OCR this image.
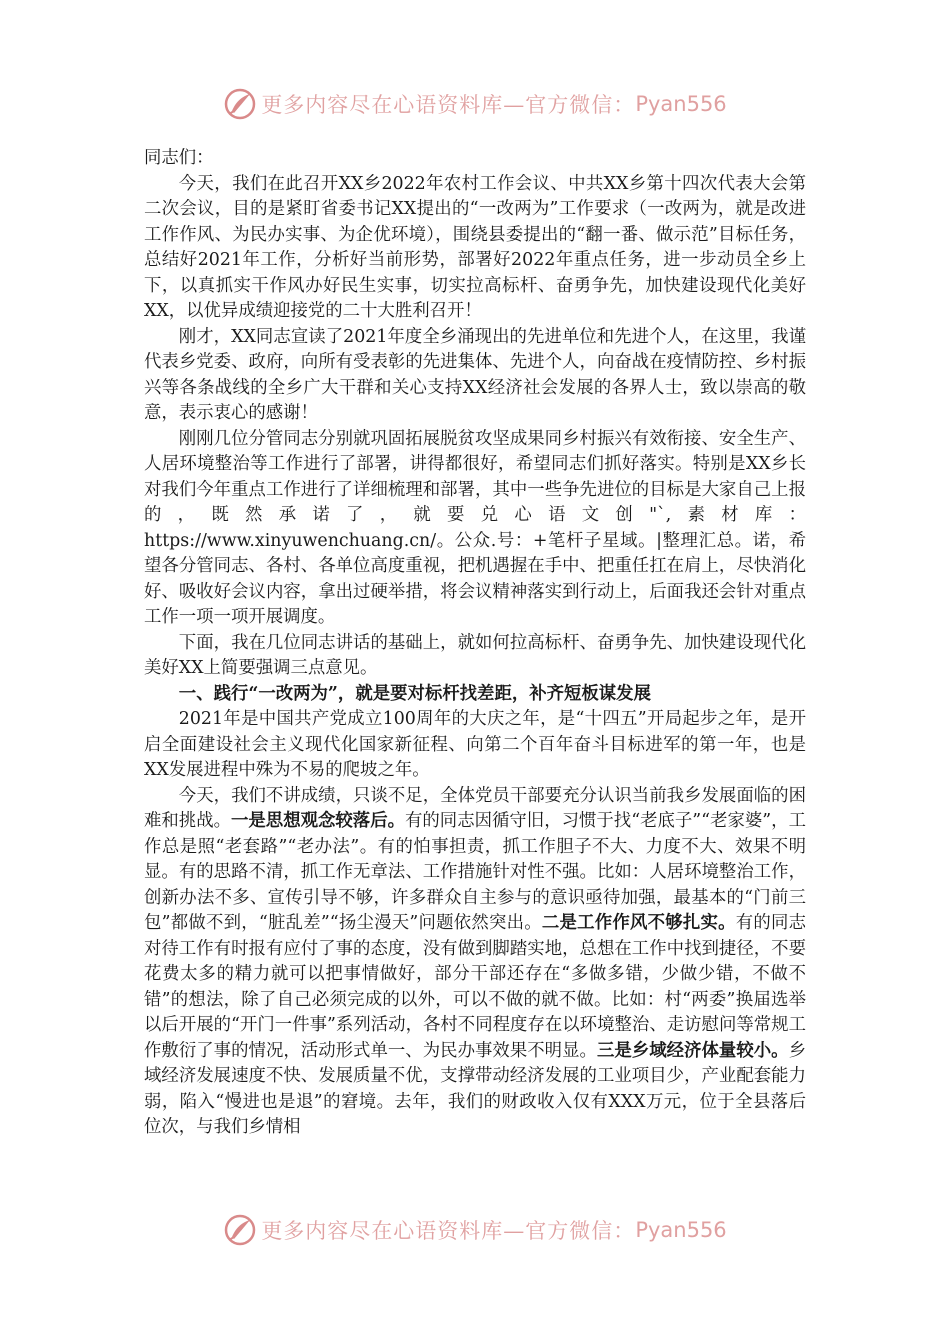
更多内容尽在心语资料库—官方微信： Pyan556

同志们：

今天，我们在此召开XX乡2022年农村工作会议、中共XX乡第十四次代表大会第二次会议，目的是紧盯省委书记XX提出的“一改两为”工作要求（一改两为，就是改进工作作风、为民办实事、为企优环境），围绕县委提出的“翻一番、做示范”目标任务，总结好2021年工作，分析好当前形势，部署好2022年重点任务，进一步动员全乡上下，以真抓实干作风办好民生实事，切实拉高标杆、奋勇争先，加快建设现代化美好XX，以优异成绩迎接党的二十大胜利召开！

刚才，XX同志宣读了2021年度全乡涌现出的先进单位和先进个人，在这里，我谨代表乡党委、政府，向所有受表彰的先进集体、先进个人，向奋战在疫情防控、乡村振兴等各条战线的全乡广大干群和关心支持XX经济社会发展的各界人士，致以崇高的敬意，表示衷心的感谢！

刚刚几位分管同志分别就巩固拓展脱贫攻坚成果同乡村振兴有效衔接、安全生产、人居环境整治等工作进行了部署，讲得都很好，希望同志们抓好落实。特别是XX乡长对我们今年重点工作进行了详细梳理和部署，其中一些争先进位的目标是大家自己上报的，既然承诺了，就要兑心语文创"`,素材库：https://www.xinyuwenchuang.cn/。公众.号：+笔杆子星域。|整理汇总。诺，希望各分管同志、各村、各单位高度重视，把机遇握在手中、把重任扛在肩上，尽快消化好、吸收好会议内容，拿出过硬举措，将会议精神落实到行动上，后面我还会针对重点工作一项一项开展调度。

下面，我在几位同志讲话的基础上，就如何拉高标杆、奋勇争先、加快建设现代化美好XX上简要强调三点意见。

一、践行“一改两为”，就是要对标杆找差距，补齐短板谋发展

2021年是中国共产党成立100周年的大庆之年，是“十四五”开局起步之年，是开启全面建设社会主义现代化国家新征程、向第二个百年奋斗目标进军的第一年，也是XX发展进程中殊为不易的爬坡之年。

今天，我们不讲成绩，只谈不足，全体党员干部要充分认识当前我乡发展面临的困难和挑战。一是思想观念较落后。有的同志因循守旧，习惯于找“老底子”“老家婆”，工作总是照“老套路”“老办法”。有的怕事担责，抓工作胆子不大、力度不大、效果不明显。有的思路不清，抓工作无章法、工作措施针对性不强。比如：人居环境整治工作，创新办法不多、宣传引导不够，许多群众自主参与的意识亟待加强，最基本的“门前三包”都做不到，“脏乱差”“扬尘漫天”问题依然突出。二是工作作风不够扎实。有的同志对待工作有时报有应付了事的态度，没有做到脚踏实地，总想在工作中找到捷径，不要花费太多的精力就可以把事情做好，部分干部还存在“多做多错，少做少错，不做不错”的想法，除了自己必须完成的以外，可以不做的就不做。比如：村“两委”换届选举以后开展的“开门一件事”系列活动，各村不同程度存在以环境整治、走访慰问等常规工作敷衍了事的情况，活动形式单一、为民办事效果不明显。三是乡域经济体量较小。乡域经济发展速度不快、发展质量不优，支撑带动经济发展的工业项目少，产业配套能力弱，陷入“慢进也是退”的窘境。去年，我们的财政收入仅有XXX万元，位于全县落后位次，与我们乡情相

更多内容尽在心语资料库—官方微信： Pyan556
